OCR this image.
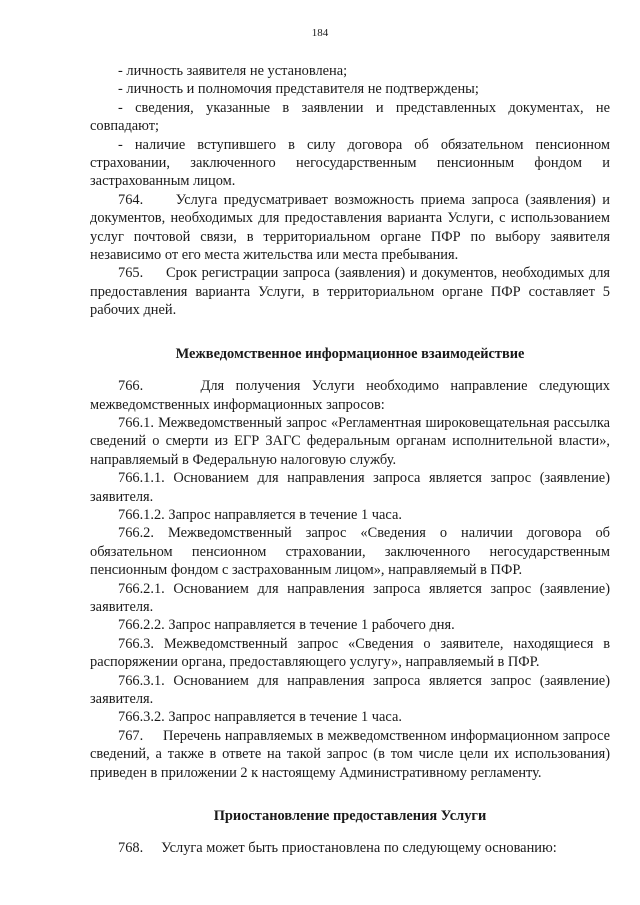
184

- личность заявителя не установлена;

- личность и полномочия представителя не подтверждены;

- сведения, указанные в заявлении и представленных документах, не совпадают;

- наличие вступившего в силу договора об обязательном пенсионном страховании, заключенного негосударственным пенсионным фондом и застрахованным лицом.

764.     Услуга предусматривает возможность приема запроса (заявления) и документов, необходимых для предоставления варианта Услуги, с использованием услуг почтовой связи, в территориальном органе ПФР по выбору заявителя независимо от его места жительства или места пребывания.

765.     Срок регистрации запроса (заявления) и документов, необходимых для предоставления варианта Услуги, в территориальном органе ПФР составляет 5 рабочих дней.

Межведомственное информационное взаимодействие

766.     Для получения Услуги необходимо направление следующих межведомственных информационных запросов:

766.1. Межведомственный запрос «Регламентная широковещательная рассылка сведений о смерти из ЕГР ЗАГС федеральным органам исполнительной власти», направляемый в Федеральную налоговую службу.

766.1.1. Основанием для направления запроса является запрос (заявление) заявителя.

766.1.2. Запрос направляется в течение 1 часа.

766.2. Межведомственный запрос «Сведения о наличии договора об обязательном пенсионном страховании, заключенного негосударственным пенсионным фондом с застрахованным лицом», направляемый в ПФР.

766.2.1. Основанием для направления запроса является запрос (заявление) заявителя.

766.2.2. Запрос направляется в течение 1 рабочего дня.

766.3. Межведомственный запрос «Сведения о заявителе, находящиеся в распоряжении органа, предоставляющего услугу», направляемый в ПФР.

766.3.1. Основанием для направления запроса является запрос (заявление) заявителя.

766.3.2. Запрос направляется в течение 1 часа.

767.     Перечень направляемых в межведомственном информационном запросе сведений, а также в ответе на такой запрос (в том числе цели их использования) приведен в приложении 2 к настоящему Административному регламенту.

Приостановление предоставления Услуги

768.     Услуга может быть приостановлена по следующему основанию:
